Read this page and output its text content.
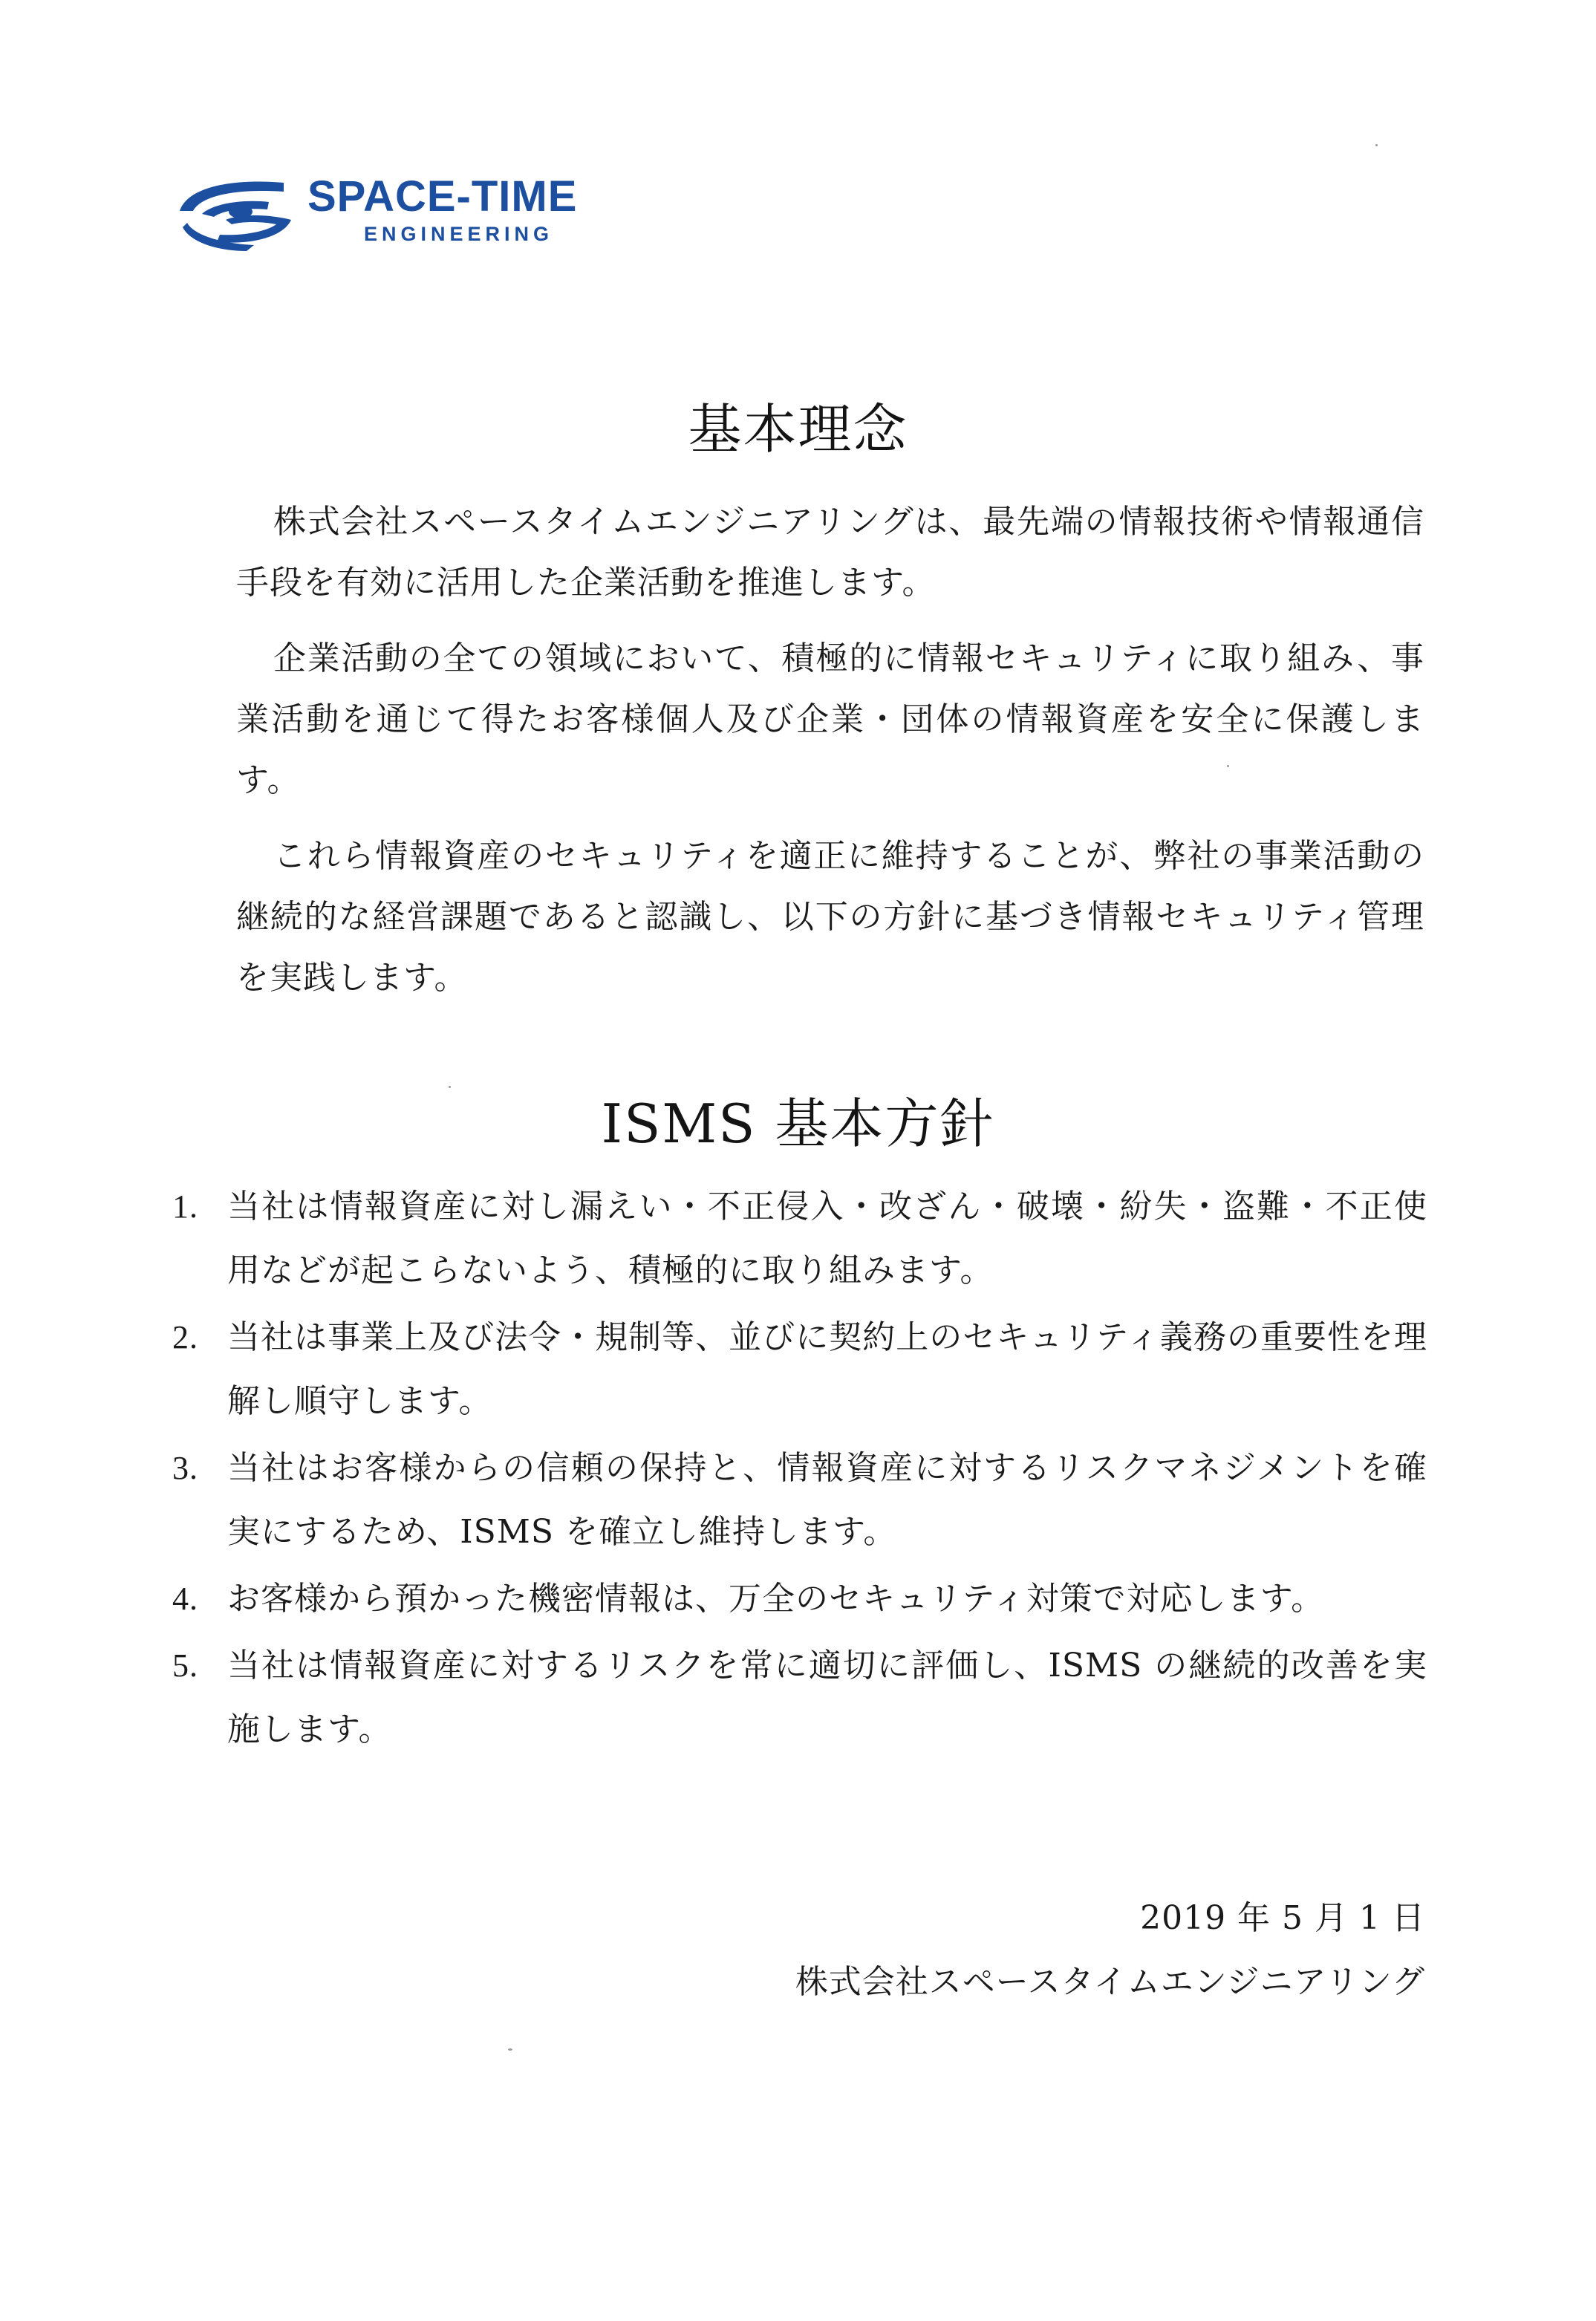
SPACE-TIME
ENGINEERING
基本理念

株式会社スペースタイムエンジニアリングは、最先端の情報技術や情報通信手段を有効に活用した企業活動を推進します。

企業活動の全ての領域において、積極的に情報セキュリティに取り組み、事業活動を通じて得たお客様個人及び企業・団体の情報資産を安全に保護します。

これら情報資産のセキュリティを適正に維持することが、弊社の事業活動の継続的な経営課題であると認識し、以下の方針に基づき情報セキュリティ管理を実践します。

ISMS 基本方針
1. 当社は情報資産に対し漏えい・不正侵入・改ざん・破壊・紛失・盗難・不正使用などが起こらないよう、積極的に取り組みます。
2. 当社は事業上及び法令・規制等、並びに契約上のセキュリティ義務の重要性を理解し順守します。
3. 当社はお客様からの信頼の保持と、情報資産に対するリスクマネジメントを確実にするため、ISMS を確立し維持します。
4. お客様から預かった機密情報は、万全のセキュリティ対策で対応します。
5. 当社は情報資産に対するリスクを常に適切に評価し、ISMS の継続的改善を実施します。
2019 年 5 月 1 日
株式会社スペースタイムエンジニアリング
